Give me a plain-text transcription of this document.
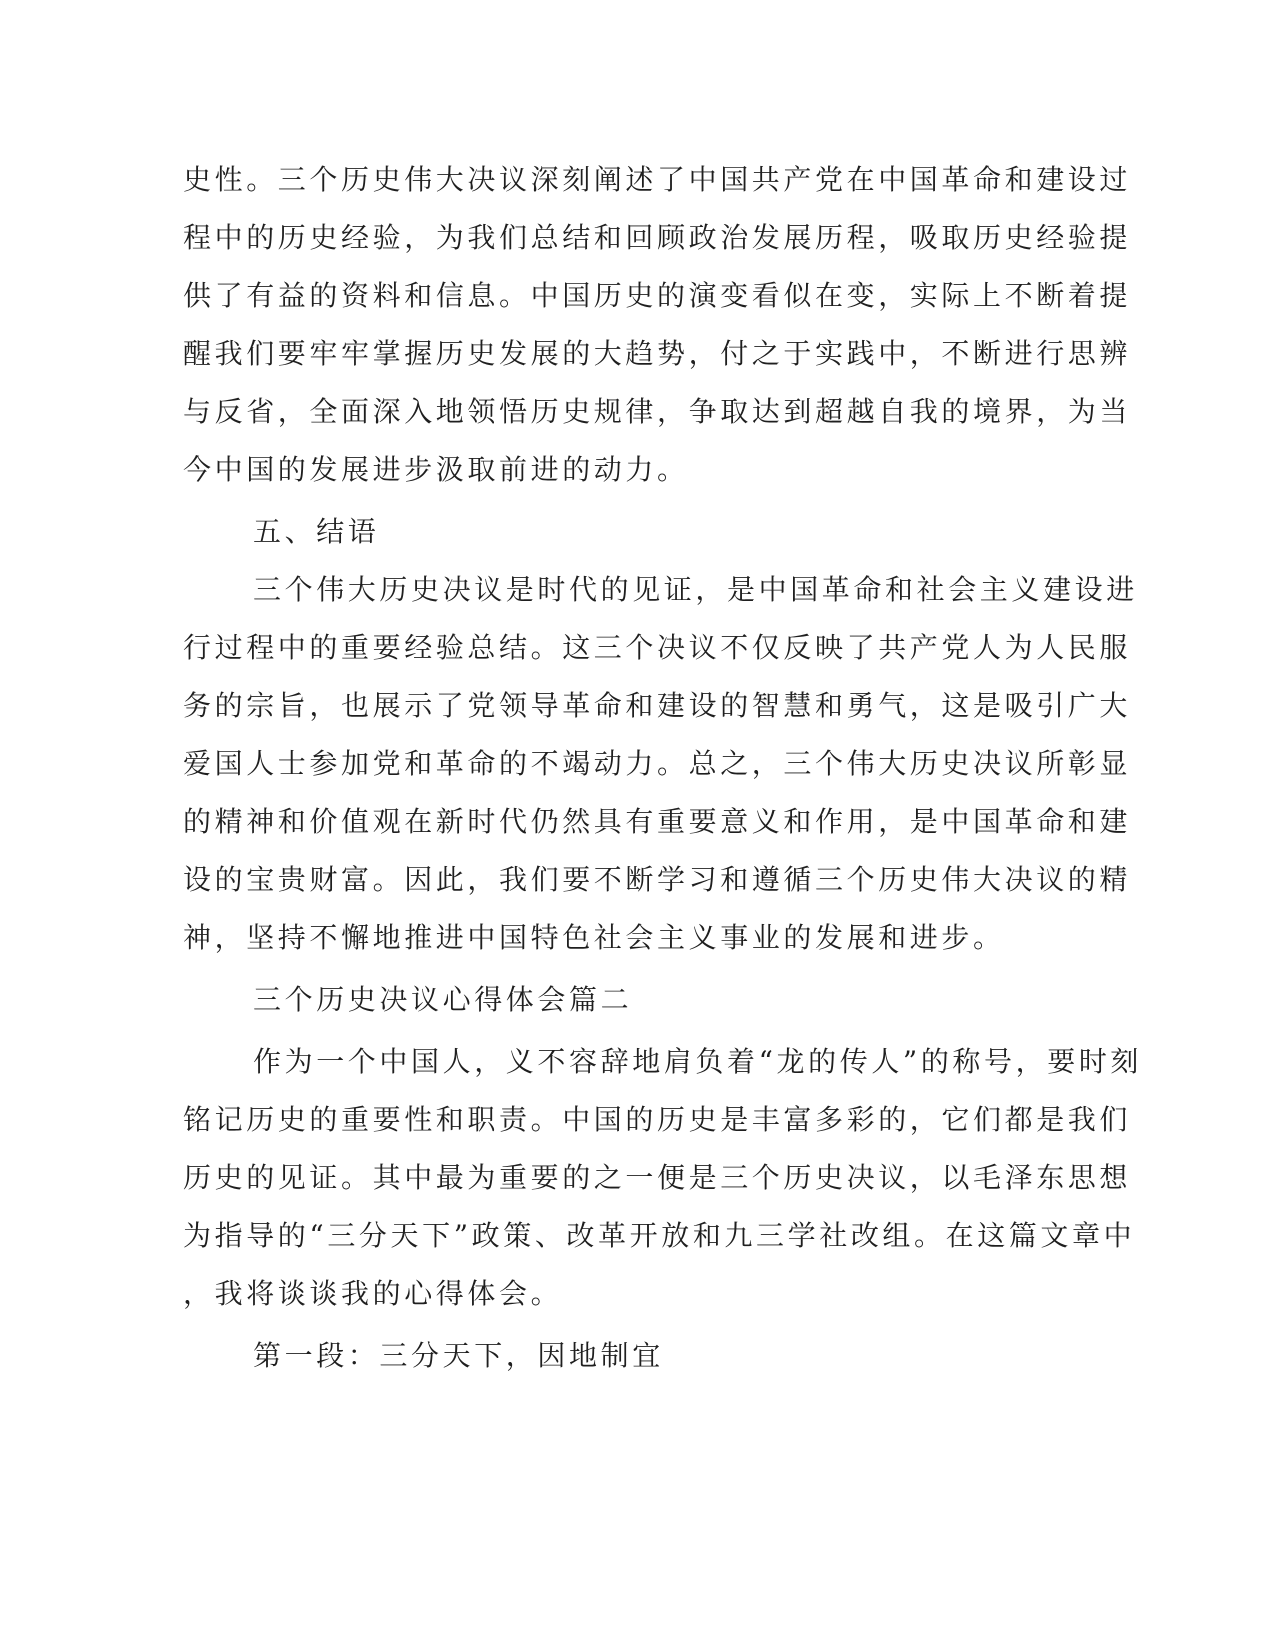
史性。三个历史伟大决议深刻阐述了中国共产党在中国革命和建设过
程中的历史经验，为我们总结和回顾政治发展历程，吸取历史经验提
供了有益的资料和信息。中国历史的演变看似在变，实际上不断着提
醒我们要牢牢掌握历史发展的大趋势，付之于实践中，不断进行思辨
与反省，全面深入地领悟历史规律，争取达到超越自我的境界，为当
今中国的发展进步汲取前进的动力。
五、结语
三个伟大历史决议是时代的见证，是中国革命和社会主义建设进
行过程中的重要经验总结。这三个决议不仅反映了共产党人为人民服
务的宗旨，也展示了党领导革命和建设的智慧和勇气，这是吸引广大
爱国人士参加党和革命的不竭动力。总之，三个伟大历史决议所彰显
的精神和价值观在新时代仍然具有重要意义和作用，是中国革命和建
设的宝贵财富。因此，我们要不断学习和遵循三个历史伟大决议的精
神，坚持不懈地推进中国特色社会主义事业的发展和进步。
三个历史决议心得体会篇二
作为一个中国人，义不容辞地肩负着“龙的传人”的称号，要时刻
铭记历史的重要性和职责。中国的历史是丰富多彩的，它们都是我们
历史的见证。其中最为重要的之一便是三个历史决议，以毛泽东思想
为指导的“三分天下”政策、改革开放和九三学社改组。在这篇文章中
，我将谈谈我的心得体会。
第一段：三分天下，因地制宜
